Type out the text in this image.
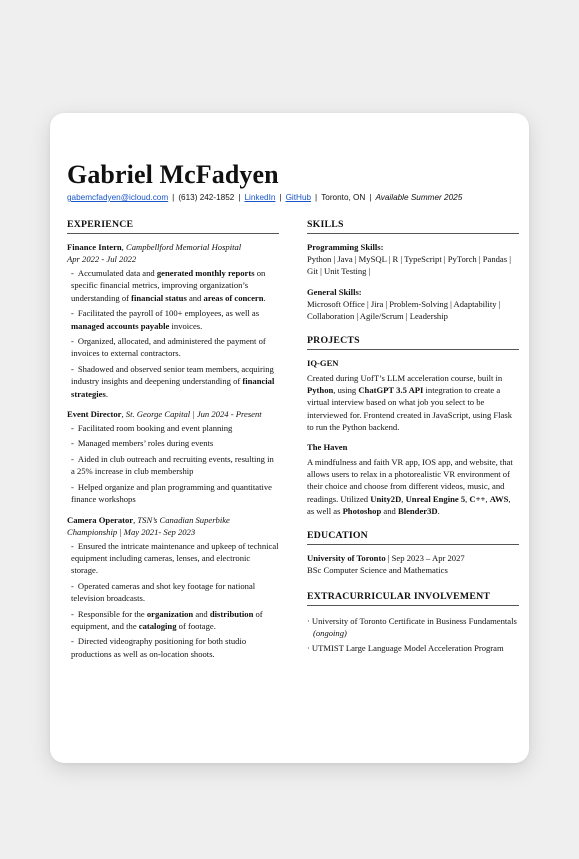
Gabriel McFadyen
gabemcfadyen@icloud.com | (613) 242-1852 | LinkedIn | GitHub | Toronto, ON | Available Summer 2025
EXPERIENCE
Finance Intern, Campbellford Memorial Hospital
Apr 2022 - Jul 2022
- Accumulated data and generated monthly reports on specific financial metrics, improving organization’s understanding of financial status and areas of concern.
- Facilitated the payroll of 100+ employees, as well as managed accounts payable invoices.
- Organized, allocated, and administered the payment of invoices to external contractors.
- Shadowed and observed senior team members, acquiring industry insights and deepening understanding of financial strategies.
Event Director, St. George Capital | Jun 2024 - Present
- Facilitated room booking and event planning
- Managed members’ roles during events
- Aided in club outreach and recruiting events, resulting in a 25% increase in club membership
- Helped organize and plan programming and quantitative finance workshops
Camera Operator, TSN’s Canadian Superbike Championship | May 2021- Sep 2023
- Ensured the intricate maintenance and upkeep of technical equipment including cameras, lenses, and electronic storage.
- Operated cameras and shot key footage for national television broadcasts.
- Responsible for the organization and distribution of equipment, and the cataloging of footage.
- Directed videography positioning for both studio productions as well as on-location shoots.
SKILLS
Programming Skills:
Python | Java | MySQL | R | TypeScript | PyTorch | Pandas | Git | Unit Testing |
General Skills:
Microsoft Office | Jira | Problem-Solving | Adaptability | Collaboration | Agile/Scrum | Leadership
PROJECTS
IQ-GEN
Created during UofT’s LLM acceleration course, built in Python, using ChatGPT 3.5 API integration to create a virtual interview based on what job you select to be interviewed for. Frontend created in JavaScript, using Flask to run the Python backend.
The Haven
A mindfulness and faith VR app, IOS app, and website, that allows users to relax in a photorealistic VR environment of their choice and choose from different videos, music, and readings. Utilized Unity2D, Unreal Engine 5, C++, AWS, as well as Photoshop and Blender3D.
EDUCATION
University of Toronto | Sep 2023 – Apr 2027
BSc Computer Science and Mathematics
EXTRACURRICULAR INVOLVEMENT
· University of Toronto Certificate in Business Fundamentals (ongoing)
· UTMIST Large Language Model Acceleration Program
